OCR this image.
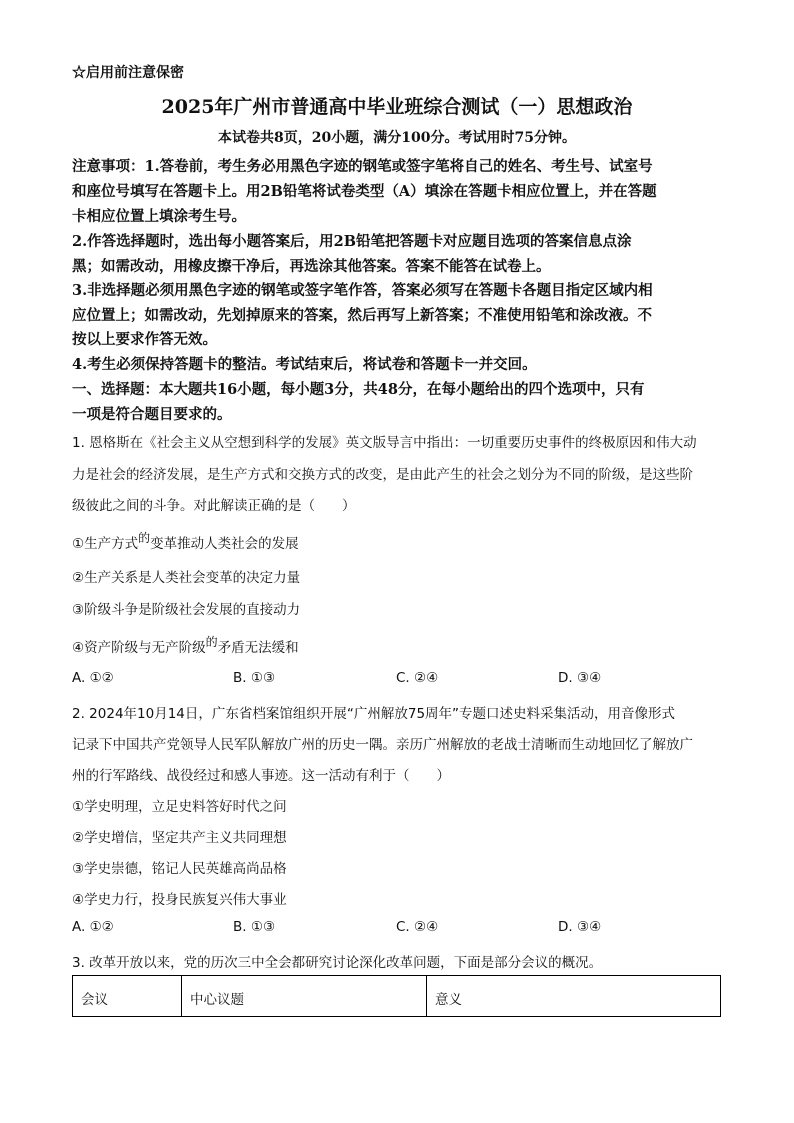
☆启用前注意保密
2025年广州市普通高中毕业班综合测试（一）思想政治
本试卷共8页，20小题，满分100分。考试用时75分钟。
注意事项：1.答卷前，考生务必用黑色字迹的钢笔或签字笔将自己的姓名、考生号、试室号
和座位号填写在答题卡上。用2B铅笔将试卷类型（A）填涂在答题卡相应位置上，并在答题
卡相应位置上填涂考生号。
2.作答选择题时，选出每小题答案后，用2B铅笔把答题卡对应题目选项的答案信息点涂
黑；如需改动，用橡皮擦干净后，再选涂其他答案。答案不能答在试卷上。
3.非选择题必须用黑色字迹的钢笔或签字笔作答，答案必须写在答题卡各题目指定区域内相
应位置上；如需改动，先划掉原来的答案，然后再写上新答案；不准使用铅笔和涂改液。不
按以上要求作答无效。
4.考生必须保持答题卡的整洁。考试结束后，将试卷和答题卡一并交回。
一、选择题：本大题共16小题，每小题3分，共48分，在每小题给出的四个选项中，只有
一项是符合题目要求的。
1. 恩格斯在《社会主义从空想到科学的发展》英文版导言中指出：一切重要历史事件的终极原因和伟大动
力是社会的经济发展，是生产方式和交换方式的改变，是由此产生的社会之划分为不同的阶级，是这些阶
级彼此之间的斗争。对此解读正确的是（　　）
①生产方式的变革推动人类社会的发展
②生产关系是人类社会变革的决定力量
③阶级斗争是阶级社会发展的直接动力
④资产阶级与无产阶级的矛盾无法缓和
A. ①②	B. ①③	C. ②④	D. ③④
2. 2024年10月14日，广东省档案馆组织开展“广州解放75周年”专题口述史料采集活动，用音像形式
记录下中国共产党领导人民军队解放广州的历史一隅。亲历广州解放的老战士清晰而生动地回忆了解放广
州的行军路线、战役经过和感人事迹。这一活动有利于（　　）
①学史明理，立足史料答好时代之问
②学史增信，坚定共产主义共同理想
③学史崇德，铭记人民英雄高尚品格
④学史力行，投身民族复兴伟大事业
A. ①②	B. ①③	C. ②④	D. ③④
3. 改革开放以来，党的历次三中全会都研究讨论深化改革问题，下面是部分会议的概况。
会议	中心议题	意义
